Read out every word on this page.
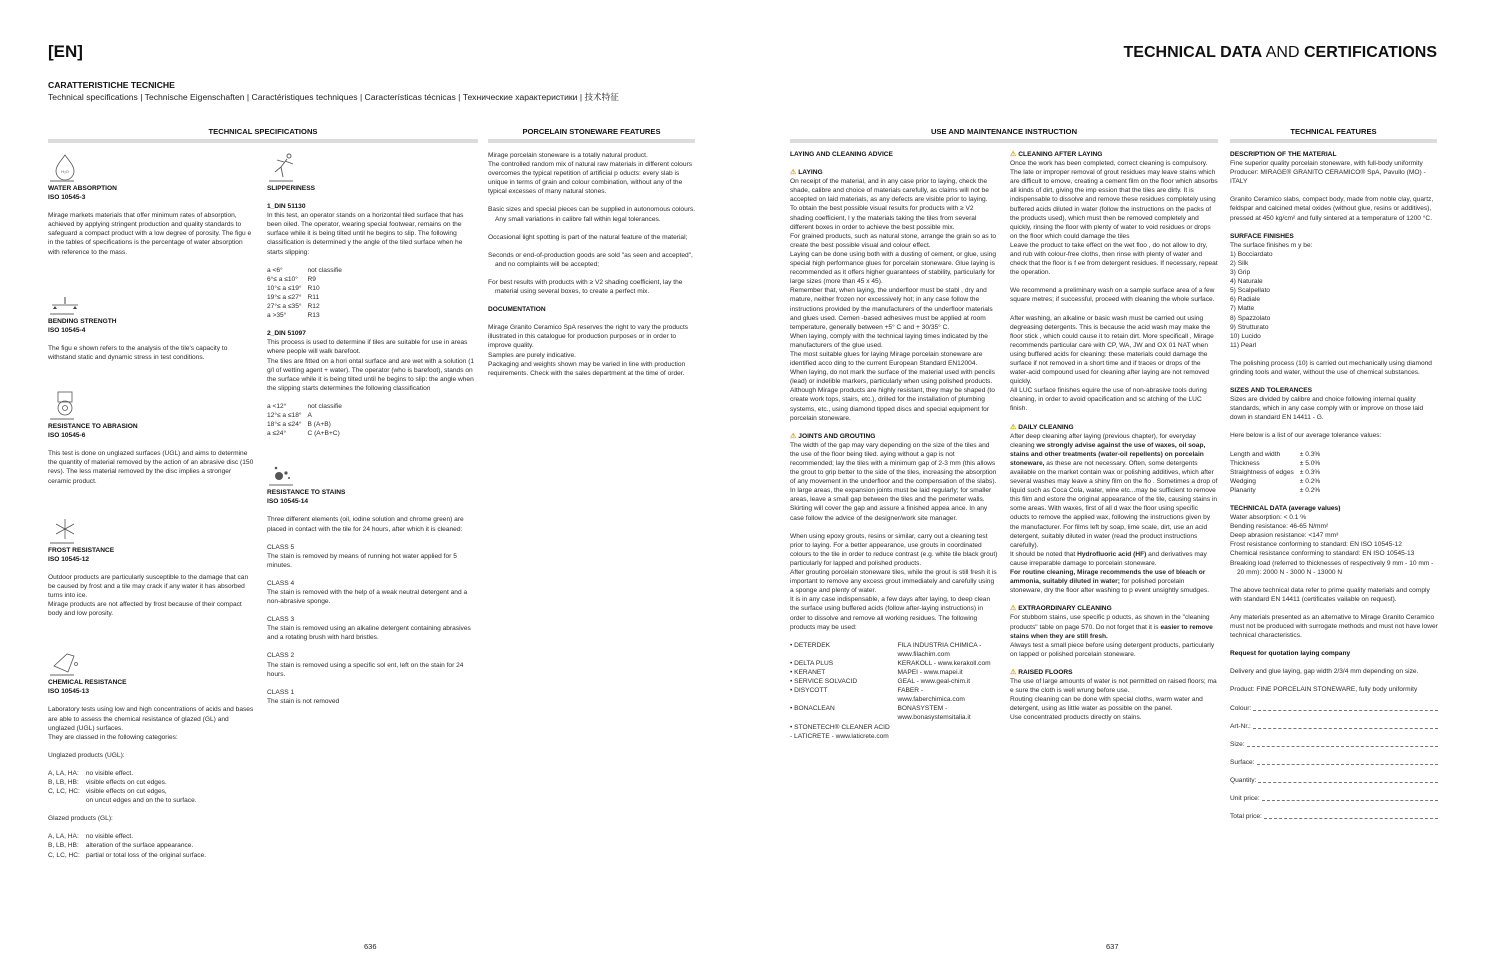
[EN]	TECHNICAL DATA AND CERTIFICATIONS
CARATTERISTICHE TECNICHE
Technical specifications | Technische Eigenschaften | Caractéristiques techniques | Características técnicas | Технические характеристики | 技术特征
TECHNICAL SPECIFICATIONS	PORCELAIN STONEWARE FEATURES	USE AND MAINTENANCE INSTRUCTION	TECHNICAL FEATURES
H₂O
WATER ABSORPTION
ISO 10545-3
Mirage markets materials that offer minimum rates of absorption, achieved by applying stringent production and quality standards to safeguard a compact product with a low degree of porosity. The figu e in the tables of specifications is the percentage of water absorption with reference to the mass.
BENDING STRENGTH
ISO 10545-4
The figu e shown refers to the analysis of the tile's capacity to withstand static and dynamic stress in test conditions.
RESISTANCE TO ABRASION
ISO 10545-6
This test is done on unglazed surfaces (UGL) and aims to determine the quantity of material removed by the action of an abrasive disc (150 revs). The less material removed by the disc implies a stronger ceramic product.
FROST RESISTANCE
ISO 10545-12
Outdoor products are particularly susceptible to the damage that can be caused by frost and a tile may crack if any water it has absorbed turns into ice.
Mirage products are not affected by frost because of their compact body and low porosity.
CHEMICAL RESISTANCE
ISO 10545-13
Laboratory tests using low and high concentrations of acids and bases are able to assess the chemical resistance of glazed (GL) and unglazed (UGL) surfaces.
They are classed in the following categories:
Unglazed products (UGL):
A, LA, HA:	no visible effect.
B, LB, HB:	visible effects on cut edges.
C, LC, HC:	visible effects on cut edges,
on uncut edges and on the to surface.
Glazed products (GL):
A, LA, HA:	no visible effect.
B, LB, HB:	alteration of the surface appearance.
C, LC, HC:	partial or total loss of the original surface.
SLIPPERINESS
1_DIN 51130
In this test, an operator stands on a horizontal tiled surface that has been oiled. The operator, wearing special footwear, remains on the surface while it is being tilted until he begins to slip. The following classification is determined y the angle of the tiled surface when he starts slipping:
a <6°	not classifie
6°≤ a ≤10°	R9
10°≤ a ≤19°	R10
19°≤ a ≤27°	R11
27°≤ a ≤35°	R12
a >35°	R13
2_DIN 51097
This process is used to determine if tiles are suitable for use in areas where people will walk barefoot.
The tiles are fitted on a hori ontal surface and are wet with a solution (1 g/l of wetting agent + water). The operator (who is barefoot), stands on the surface while it is being tilted until he begins to slip: the angle when the slipping starts determines the following classification
a <12°	not classifie
12°≤ a ≤18°	A
18°≤ a ≤24°	B (A+B)
a ≤24°	C (A+B+C)
RESISTANCE TO STAINS
ISO 10545-14
Three different elements (oil, iodine solution and chrome green) are placed in contact with the tile for 24 hours, after which it is cleaned:
CLASS 5
The stain is removed by means of running hot water applied for 5 minutes.
CLASS 4
The stain is removed with the help of a weak neutral detergent and a non-abrasive sponge.
CLASS 3
The stain is removed using an alkaline detergent containing abrasives and a rotating brush with hard bristles.
CLASS 2
The stain is removed using a specific sol ent, left on the stain for 24 hours.
CLASS 1
The stain is not removed
Mirage porcelain stoneware is a totally natural product.
The controlled random mix of natural raw materials in different colours overcomes the typical repetition of artificial p oducts: every slab is unique in terms of grain and colour combination, without any of the typical excesses of many natural stones.
Basic sizes and special pieces can be supplied in autonomous colours. Any small variations in calibre fall within legal tolerances.
Occasional light spotting is part of the natural feature of the material;
Seconds or end-of-production goods are sold "as seen and accepted", and no complaints will be accepted;
For best results with products with ≥ V2 shading coefficient, lay the material using several boxes, to create a perfect mix.
DOCUMENTATION
Mirage Granito Ceramico SpA reserves the right to vary the products illustrated in this catalogue for production purposes or in order to improve quality.
Samples are purely indicative.
Packaging and weights shown may be varied in line with production requirements. Check with the sales department at the time of order.
LAYING AND CLEANING ADVICE
⚠ LAYING
On receipt of the material, and in any case prior to laying, check the shade, calibre and choice of materials carefully, as claims will not be accepted on laid materials, as any defects are visible prior to laying.
To obtain the best possible visual results for products with ≥ V2 shading coefficient, l y the materials taking the tiles from several different boxes in order to achieve the best possible mix.
For grained products, such as natural stone, arrange the grain so as to create the best possible visual and colour effect.
Laying can be done using both with a dusting of cement, or glue, using special high performance glues for porcelain stoneware. Glue laying is recommended as it offers higher guarantees of stability, particularly for large sizes (more than 45 x 45).
Remember that, when laying, the underfloor must be stabl , dry and mature, neither frozen nor excessively hot; in any case follow the instructions provided by the manufacturers of the underfloor materials and glues used. Cemen -based adhesives must be applied at room temperature, generally between +5° C and + 30/35° C.
When laying, comply with the technical laying times indicated by the manufacturers of the glue used.
The most suitable glues for laying Mirage porcelain stoneware are identified acco ding to the current European Standard EN12004.
When laying, do not mark the surface of the material used with pencils (lead) or indelible markers, particularly when using polished products.
Although Mirage products are highly resistant, they may be shaped (to create work tops, stairs, etc.), drilled for the installation of plumbing systems, etc., using diamond tipped discs and special equipment for porcelain stoneware.
⚠ JOINTS AND GROUTING
The width of the gap may vary depending on the size of the tiles and the use of the floor being tiled. aying without a gap is not recommended; lay the tiles with a minimum gap of 2-3 mm (this allows the grout to grip better to the side of the tiles, increasing the absorption of any movement in the underfloor and the compensation of the slabs).
In large areas, the expansion joints must be laid regularly; for smaller areas, leave a small gap between the tiles and the perimeter walls. Skirting will cover the gap and assure a finished appea ance. In any case follow the advice of the designer/work site manager.
When using epoxy grouts, resins or similar, carry out a cleaning test prior to laying. For a better appearance, use grouts in coordinated colours to the tile in order to reduce contrast (e.g. white tile black grout) particularly for lapped and polished products.
After grouting porcelain stoneware tiles, while the grout is still fresh it is important to remove any excess grout immediately and carefully using a sponge and plenty of water.
It is in any case indispensable, a few days after laying, to deep clean the surface using buffered acids (follow after-laying instructions) in order to dissolve and remove all working residues. The following products may be used:
• DETERDEK	FILA INDUSTRIA CHIMICA - www.filachim.com
• DELTA PLUS	KERAKOLL - www.kerakoll.com
• KERANET	MAPEI - www.mapei.it
• SERVICE SOLVACID	GEAL - www.geal-chim.it
• DISYCOTT	FABER - www.faberchimica.com
• BONACLEAN	BONASYSTEM - www.bonasystemsitalia.it
• STONETECH® CLEANER ACID - LATICRETE - www.laticrete.com	
⚠ CLEANING AFTER LAYING
Once the work has been completed, correct cleaning is compulsory.
The late or improper removal of grout residues may leave stains which are difficult to emove, creating a cement film on the floor which absorbs all kinds of dirt, giving the imp ession that the tiles are dirty. It is indispensable to dissolve and remove these residues completely using buffered acids diluted in water (follow the instructions on the packs of the products used), which must then be removed completely and quickly, rinsing the floor with plenty of water to void residues or drops on the floor which could damage the tiles
Leave the product to take effect on the wet floo , do not allow to dry, and rub with colour-free cloths, then rinse with plenty of water and check that the floor is f ee from detergent residues. If necessary, repeat the operation.
We recommend a preliminary wash on a sample surface area of a few square metres; if successful, proceed with cleaning the whole surface.
After washing, an alkaline or basic wash must be carried out using degreasing detergents. This is because the acid wash may make the floor stick , which could cause it to retain dirt. More specificall , Mirage recommends particular care with CP, WA, JW and OX 01 NAT when using buffered acids for cleaning: these materials could damage the surface if not removed in a short time and if traces or drops of the water-acid compound used for cleaning after laying are not removed quickly.
All LUC surface finishes equire the use of non-abrasive tools during cleaning, in order to avoid opacification and sc atching of the LUC finish.
⚠ DAILY CLEANING
After deep cleaning after laying (previous chapter), for everyday cleaning we strongly advise against the use of waxes, oil soap, stains and other treatments (water-oil repellents) on porcelain stoneware, as these are not necessary. Often, some detergents available on the market contain wax or polishing additives, which after several washes may leave a shiny film on the flo . Sometimes a drop of liquid such as Coca Cola, water, wine etc...may be sufficient to remove this film and estore the original appearance of the tile, causing stains in some areas. With waxes, first of all d wax the floor using specific oducts to remove the applied wax, following the instructions given by the manufacturer. For films left by soap, lime scale, dirt, use an acid detergent, suitably diluted in water (read the product instructions carefully).
It should be noted that Hydrofluoric acid (HF) and derivatives may cause irreparable damage to porcelain stoneware.
For routine cleaning, Mirage recommends the use of bleach or ammonia, suitably diluted in water; for polished porcelain stoneware, dry the floor after washing to p event unsightly smudges.
⚠ EXTRAORDINARY CLEANING
For stubborn stains, use specific p oducts, as shown in the "cleaning products" table on page 570. Do not forget that it is easier to remove stains when they are still fresh.
Always test a small piece before using detergent products, particularly on lapped or polished porcelain stoneware.
⚠ RAISED FLOORS
The use of large amounts of water is not permitted on raised floors; ma e sure the cloth is well wrung before use.
Routing cleaning can be done with special cloths, warm water and detergent, using as little water as possible on the panel.
Use concentrated products directly on stains.
DESCRIPTION OF THE MATERIAL
Fine superior quality porcelain stoneware, with full-body uniformity
Producer: MIRAGE® GRANITO CERAMICO® SpA, Pavullo (MO) - ITALY
Granito Ceramico slabs, compact body, made from noble clay, quartz, feldspar and calcined metal oxides (without glue, resins or additives), pressed at 450 kg/cm² and fully sintered at a temperature of 1200 °C.
SURFACE FINISHES
The surface finishes m y be:
1) Bocciardato
2) Silk
3) Grip
4) Naturale
5) Scalpellato
6) Radiale
7) Matte
8) Spazzolato
9) Strutturato
10) Lucido
11) Pearl
The polishing process (10) is carried out mechanically using diamond grinding tools and water, without the use of chemical substances.
SIZES AND TOLERANCES
Sizes are divided by calibre and choice following internal quality standards, which in any case comply with or improve on those laid down in standard EN 14411 - G.
Here below is a list of our average tolerance values:
Length and width	± 0.3%
Thickness	± 5.0%
Straightness of edges	± 0.3%
Wedging	± 0.2%
Planarity	± 0.2%
TECHNICAL DATA (average values)
Water absorption: < 0.1 %
Bending resistance: 46-65 N/mm²
Deep abrasion resistance: <147 mm³
Frost resistance conforming to standard: EN ISO 10545-12
Chemical resistance conforming to standard: EN ISO 10545-13
Breaking load (referred to thicknesses of respectively 9 mm - 10 mm - 20 mm): 2000 N - 3000 N - 13000 N
The above technical data refer to prime quality materials and comply with standard EN 14411 (certificates vailable on request).
Any materials presented as an alternative to Mirage Granito Ceramico must not be produced with surrogate methods and must not have lower technical characteristics.
Request for quotation laying company
Delivery and glue laying, gap width 2/3/4 mm depending on size.
Product: FINE PORCELAIN STONEWARE, fully body uniformity
Colour:
Art-Nr.:
Size:
Surface:
Quantity:
Unit price:
Total price:
636	637
